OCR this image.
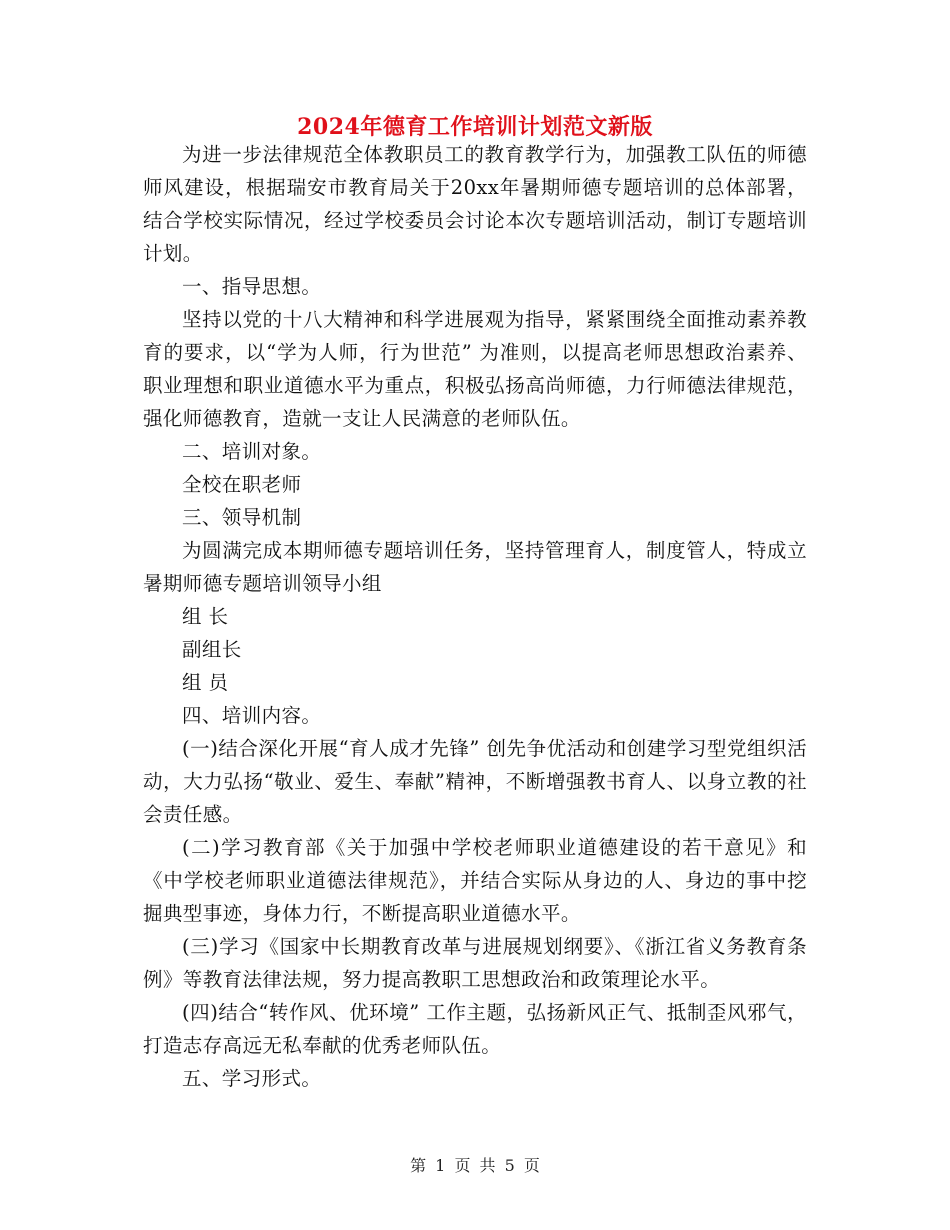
2024年德育工作培训计划范文新版

为进一步法律规范全体教职员工的教育教学行为，加强教工队伍的师德师风建设，根据瑞安市教育局关于20xx年暑期师德专题培训的总体部署，结合学校实际情况，经过学校委员会讨论本次专题培训活动，制订专题培训计划。

一、指导思想。

坚持以党的十八大精神和科学进展观为指导，紧紧围绕全面推动素养教育的要求，以“学为人师，行为世范” 为准则，以提高老师思想政治素养、职业理想和职业道德水平为重点，积极弘扬高尚师德，力行师德法律规范，强化师德教育，造就一支让人民满意的老师队伍。

二、培训对象。

全校在职老师

三、领导机制

为圆满完成本期师德专题培训任务，坚持管理育人，制度管人，特成立暑期师德专题培训领导小组

组 长

副组长

组 员

四、培训内容。

(一)结合深化开展“育人成才先锋” 创先争优活动和创建学习型党组织活动，大力弘扬“敬业、爱生、奉献”精神，不断增强教书育人、以身立教的社会责任感。

(二)学习教育部《关于加强中学校老师职业道德建设的若干意见》和《中学校老师职业道德法律规范》，并结合实际从身边的人、身边的事中挖掘典型事迹，身体力行，不断提高职业道德水平。

(三)学习《国家中长期教育改革与进展规划纲要》、《浙江省义务教育条例》等教育法律法规，努力提高教职工思想政治和政策理论水平。

(四)结合“转作风、优环境” 工作主题，弘扬新风正气、抵制歪风邪气，打造志存高远无私奉献的优秀老师队伍。

五、学习形式。

第 1 页 共 5 页
